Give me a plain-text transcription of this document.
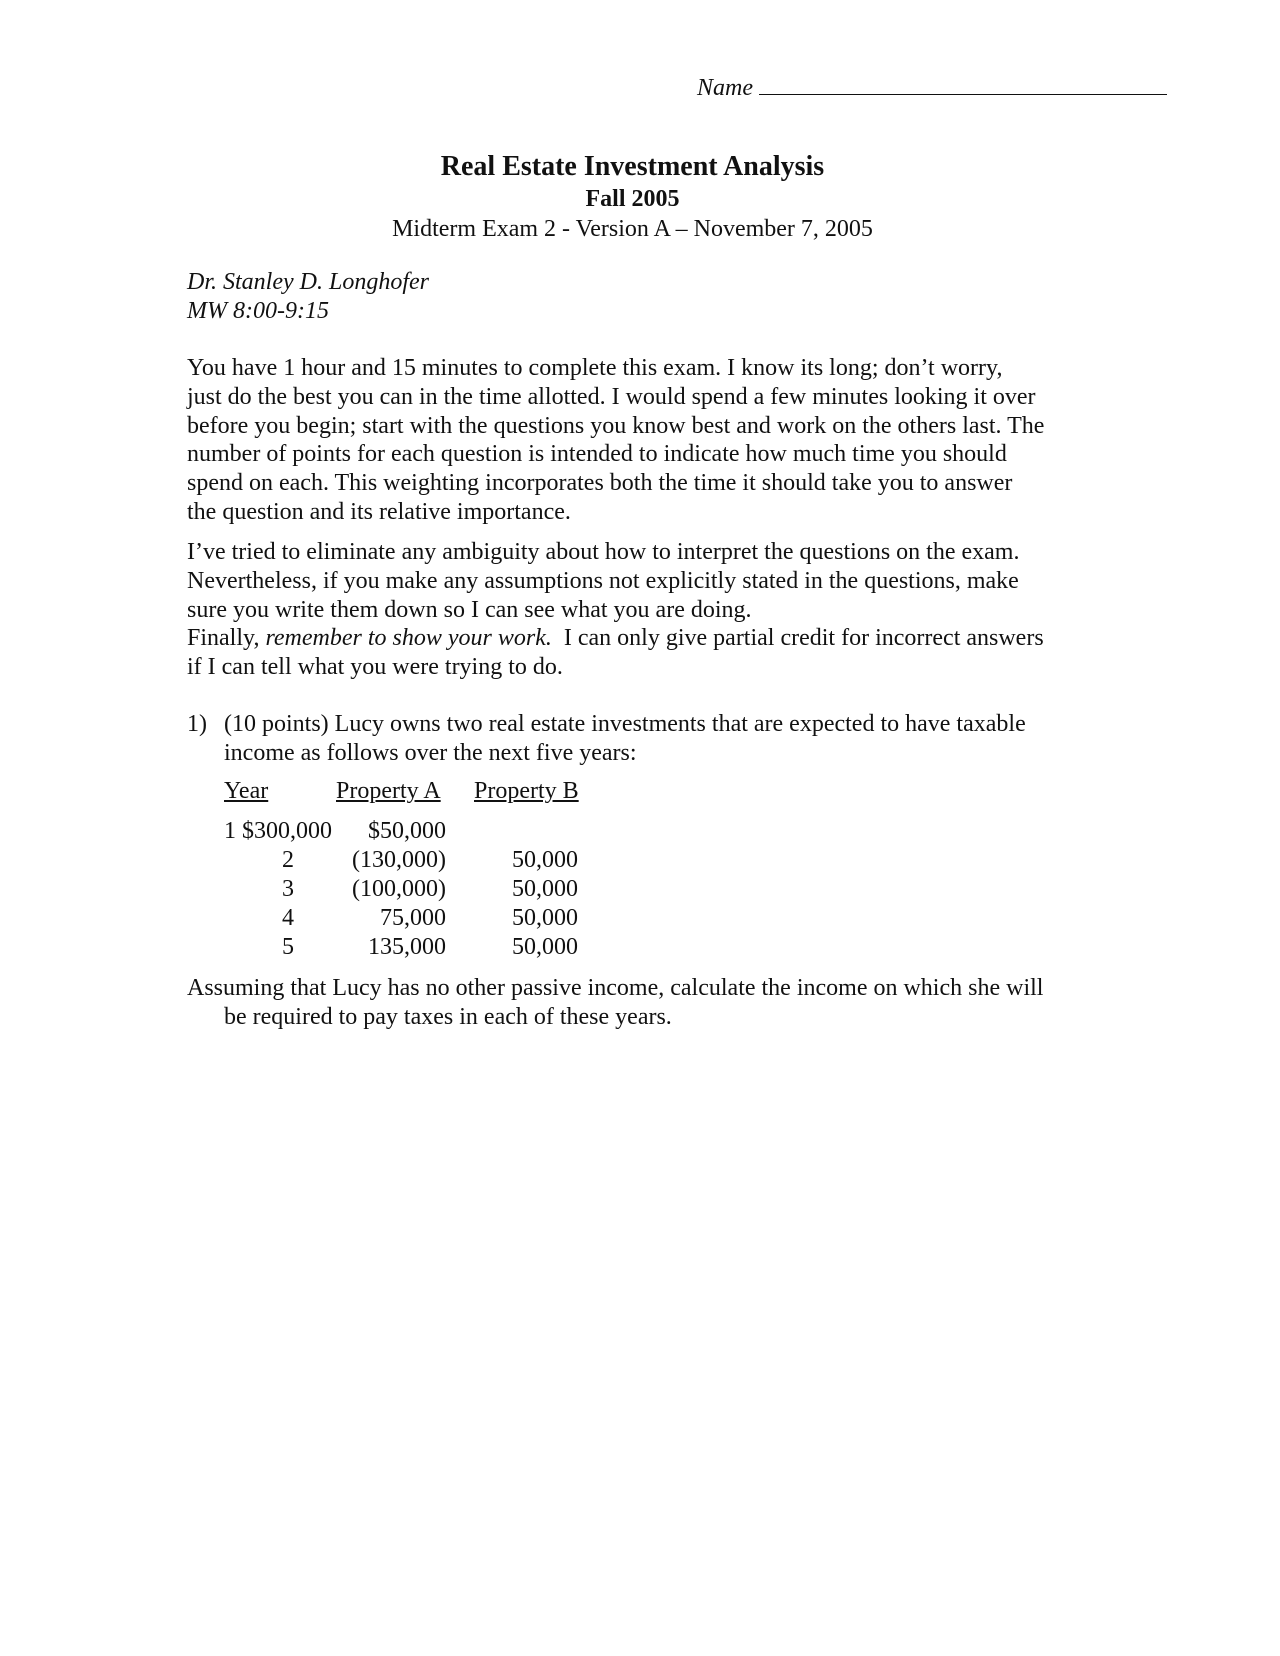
Name
Real Estate Investment Analysis
Fall 2005
Midterm Exam 2 - Version A – November 7, 2005
Dr. Stanley D. Longhofer
MW 8:00-9:15
You have 1 hour and 15 minutes to complete this exam. I know its long; don’t worry,
just do the best you can in the time allotted. I would spend a few minutes looking it over
before you begin; start with the questions you know best and work on the others last. The
number of points for each question is intended to indicate how much time you should
spend on each. This weighting incorporates both the time it should take you to answer
the question and its relative importance.
I’ve tried to eliminate any ambiguity about how to interpret the questions on the exam.
Nevertheless, if you make any assumptions not explicitly stated in the questions, make
sure you write them down so I can see what you are doing.
Finally, remember to show your work.  I can only give partial credit for incorrect answers
if I can tell what you were trying to do.
1) (10 points) Lucy owns two real estate investments that are expected to have taxable
income as follows over the next five years:
Year	Property A Property B
1 $300,000	$50,000
2	(130,000)	50,000
3	(100,000)	50,000
4	75,000	50,000
5	135,000	50,000
Assuming that Lucy has no other passive income, calculate the income on which she will
be required to pay taxes in each of these years.
